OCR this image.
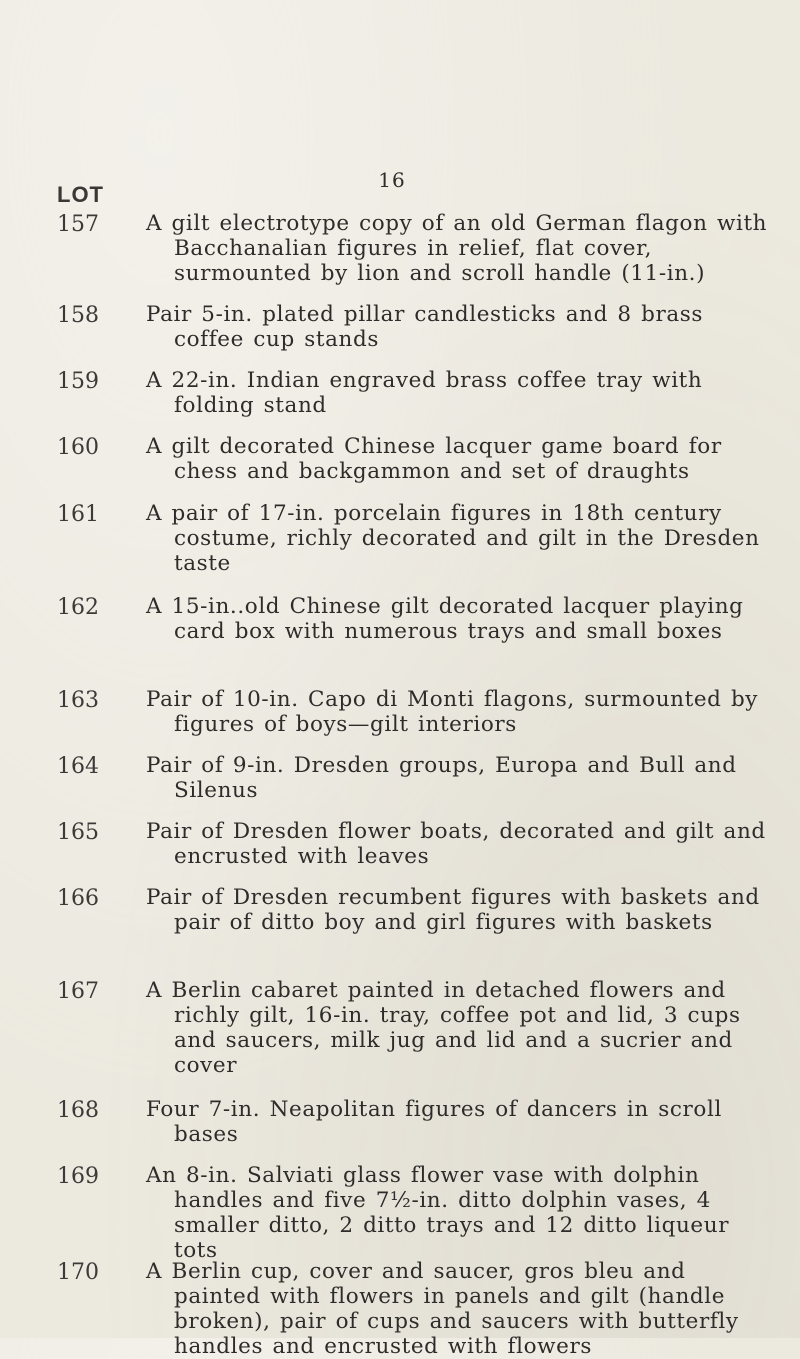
16
LOT
157 A gilt electrotype copy of an old German flagon with Bacchanalian figures in relief, flat cover, surmounted by lion and scroll handle (11-in.)
158 Pair 5-in. plated pillar candlesticks and 8 brass coffee cup stands
159 A 22-in. Indian engraved brass coffee tray with folding stand
160 A gilt decorated Chinese lacquer game board for chess and backgammon and set of draughts
161 A pair of 17-in. porcelain figures in 18th century costume, richly decorated and gilt in the Dresden taste
162 A 15-in..old Chinese gilt decorated lacquer playing card box with numerous trays and small boxes
163 Pair of 10-in. Capo di Monti flagons, surmounted by figures of boys—gilt interiors
164 Pair of 9-in. Dresden groups, Europa and Bull and Silenus
165 Pair of Dresden flower boats, decorated and gilt and encrusted with leaves
166 Pair of Dresden recumbent figures with baskets and pair of ditto boy and girl figures with baskets
167 A Berlin cabaret painted in detached flowers and richly gilt, 16-in. tray, coffee pot and lid, 3 cups and saucers, milk jug and lid and a sucrier and cover
168 Four 7-in. Neapolitan figures of dancers in scroll bases
169 An 8-in. Salviati glass flower vase with dolphin handles and five 7½-in. ditto dolphin vases, 4 smaller ditto, 2 ditto trays and 12 ditto liqueur tots
170 A Berlin cup, cover and saucer, gros bleu and painted with flowers in panels and gilt (handle broken), pair of cups and saucers with butterfly handles and encrusted with flowers
